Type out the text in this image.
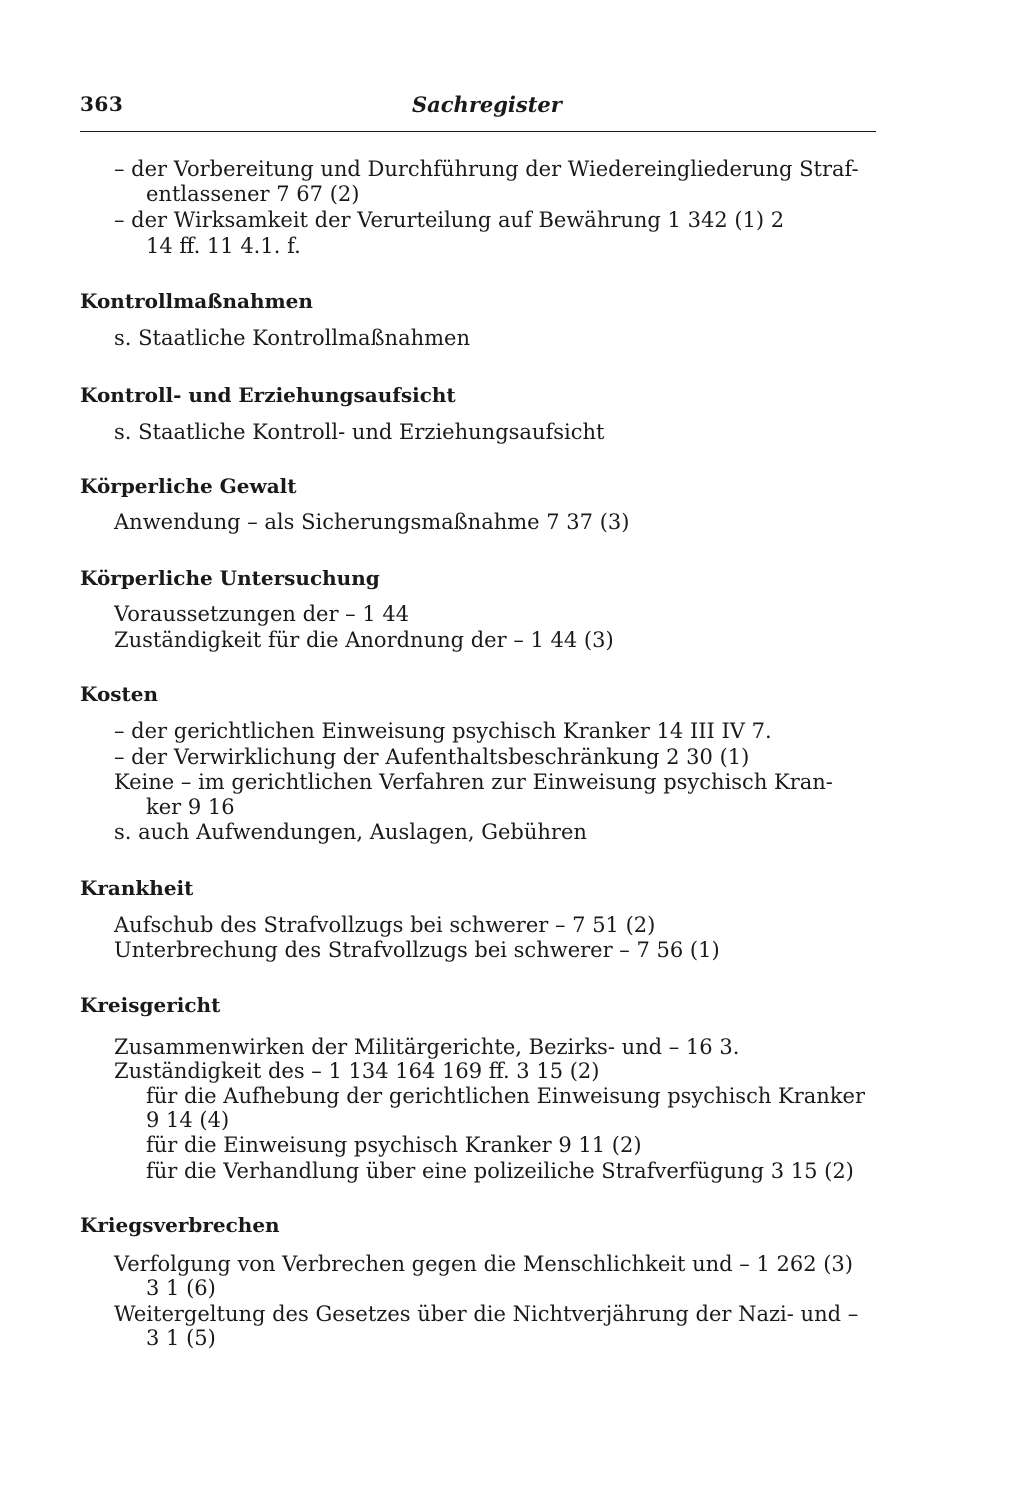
363	Sachregister
– der Vorbereitung und Durchführung der Wiedereingliederung Straf-
entlassener 7 67 (2)
– der Wirksamkeit der Verurteilung auf Bewährung 1 342 (1) 2
14 ff. 11 4.1. f.
Kontrollmaßnahmen
s. Staatliche Kontrollmaßnahmen
Kontroll- und Erziehungsaufsicht
s. Staatliche Kontroll- und Erziehungsaufsicht
Körperliche Gewalt
Anwendung – als Sicherungsmaßnahme 7 37 (3)
Körperliche Untersuchung
Voraussetzungen der – 1 44
Zuständigkeit für die Anordnung der – 1 44 (3)
Kosten
– der gerichtlichen Einweisung psychisch Kranker 14 III IV 7.
– der Verwirklichung der Aufenthaltsbeschränkung 2 30 (1)
Keine – im gerichtlichen Verfahren zur Einweisung psychisch Kran-
ker 9 16
s. auch Aufwendungen, Auslagen, Gebühren
Krankheit
Aufschub des Strafvollzugs bei schwerer – 7 51 (2)
Unterbrechung des Strafvollzugs bei schwerer – 7 56 (1)
Kreisgericht
Zusammenwirken der Militärgerichte, Bezirks- und – 16 3.
Zuständigkeit des – 1 134 164 169 ff. 3 15 (2)
für die Aufhebung der gerichtlichen Einweisung psychisch Kranker
9 14 (4)
für die Einweisung psychisch Kranker 9 11 (2)
für die Verhandlung über eine polizeiliche Strafverfügung 3 15 (2)
Kriegsverbrechen
Verfolgung von Verbrechen gegen die Menschlichkeit und – 1 262 (3)
3 1 (6)
Weitergeltung des Gesetzes über die Nichtverjährung der Nazi- und –
3 1 (5)
